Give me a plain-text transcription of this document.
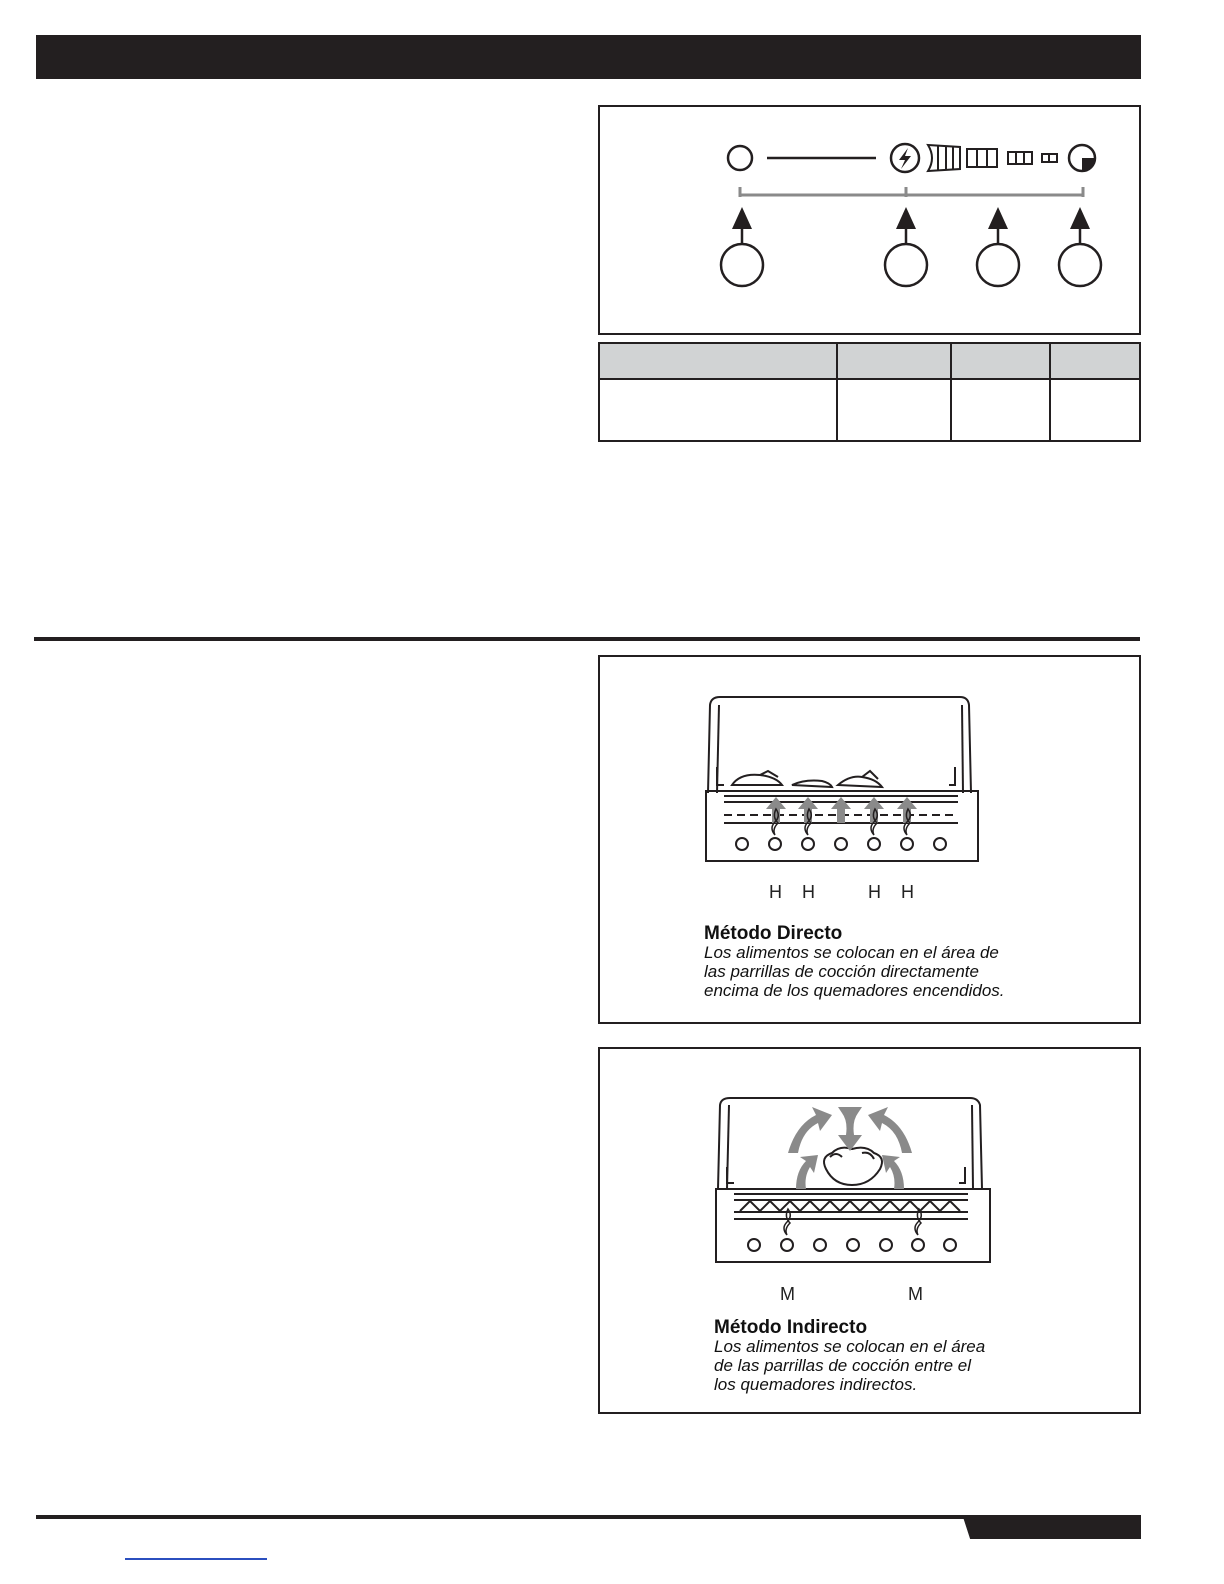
H H	H H
Método Directo
Los alimentos se colocan en el área de
las parrillas de cocción directamente
encima de los quemadores encendidos.
M	M
Método Indirecto
Los alimentos se colocan en el área
de las parrillas de cocción entre el
los quemadores indirectos.
